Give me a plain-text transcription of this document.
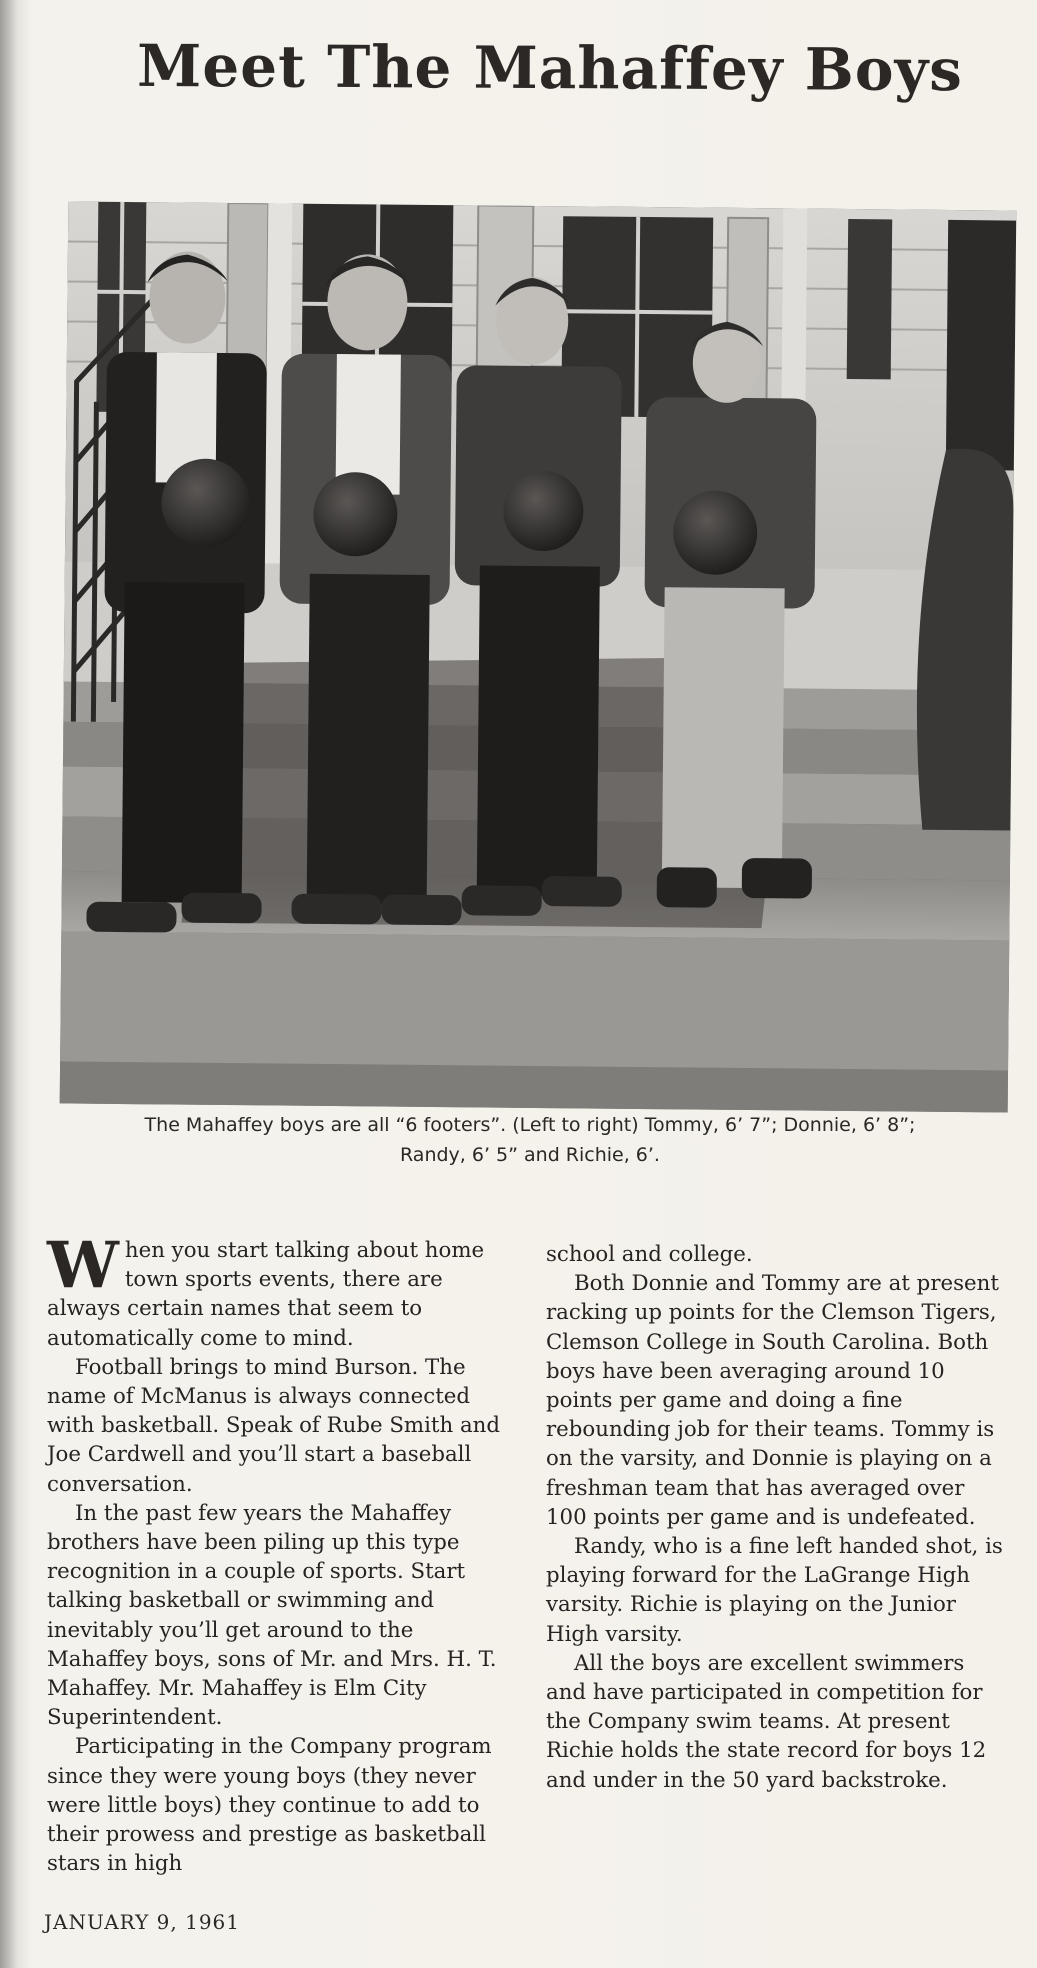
Meet The Mahaffey Boys
The Mahaffey boys are all “6 footers”. (Left to right) Tommy, 6’ 7”; Donnie, 6’ 8”;
Randy, 6’ 5” and Richie, 6’.

When you start talking about home town sports events, there are always certain names that seem to automatically come to mind.

Football brings to mind Burson. The name of McManus is always connected with basketball. Speak of Rube Smith and Joe Cardwell and you’ll start a baseball conversation.

In the past few years the Mahaffey brothers have been piling up this type recognition in a couple of sports. Start talking basketball or swimming and inevitably you’ll get around to the Mahaffey boys, sons of Mr. and Mrs. H. T. Mahaffey. Mr. Mahaffey is Elm City Superintendent.

Participating in the Company program since they were young boys (they never were little boys) they continue to add to their prowess and prestige as basketball stars in high

school and college.

Both Donnie and Tommy are at present racking up points for the Clemson Tigers, Clemson College in South Carolina. Both boys have been averaging around 10 points per game and doing a fine rebounding job for their teams. Tommy is on the varsity, and Donnie is playing on a freshman team that has averaged over 100 points per game and is undefeated.

Randy, who is a fine left handed shot, is playing forward for the LaGrange High varsity. Richie is playing on the Junior High varsity.

All the boys are excellent swimmers and have participated in competition for the Company swim teams. At present Richie holds the state record for boys 12 and under in the 50 yard backstroke.

JANUARY 9, 1961
